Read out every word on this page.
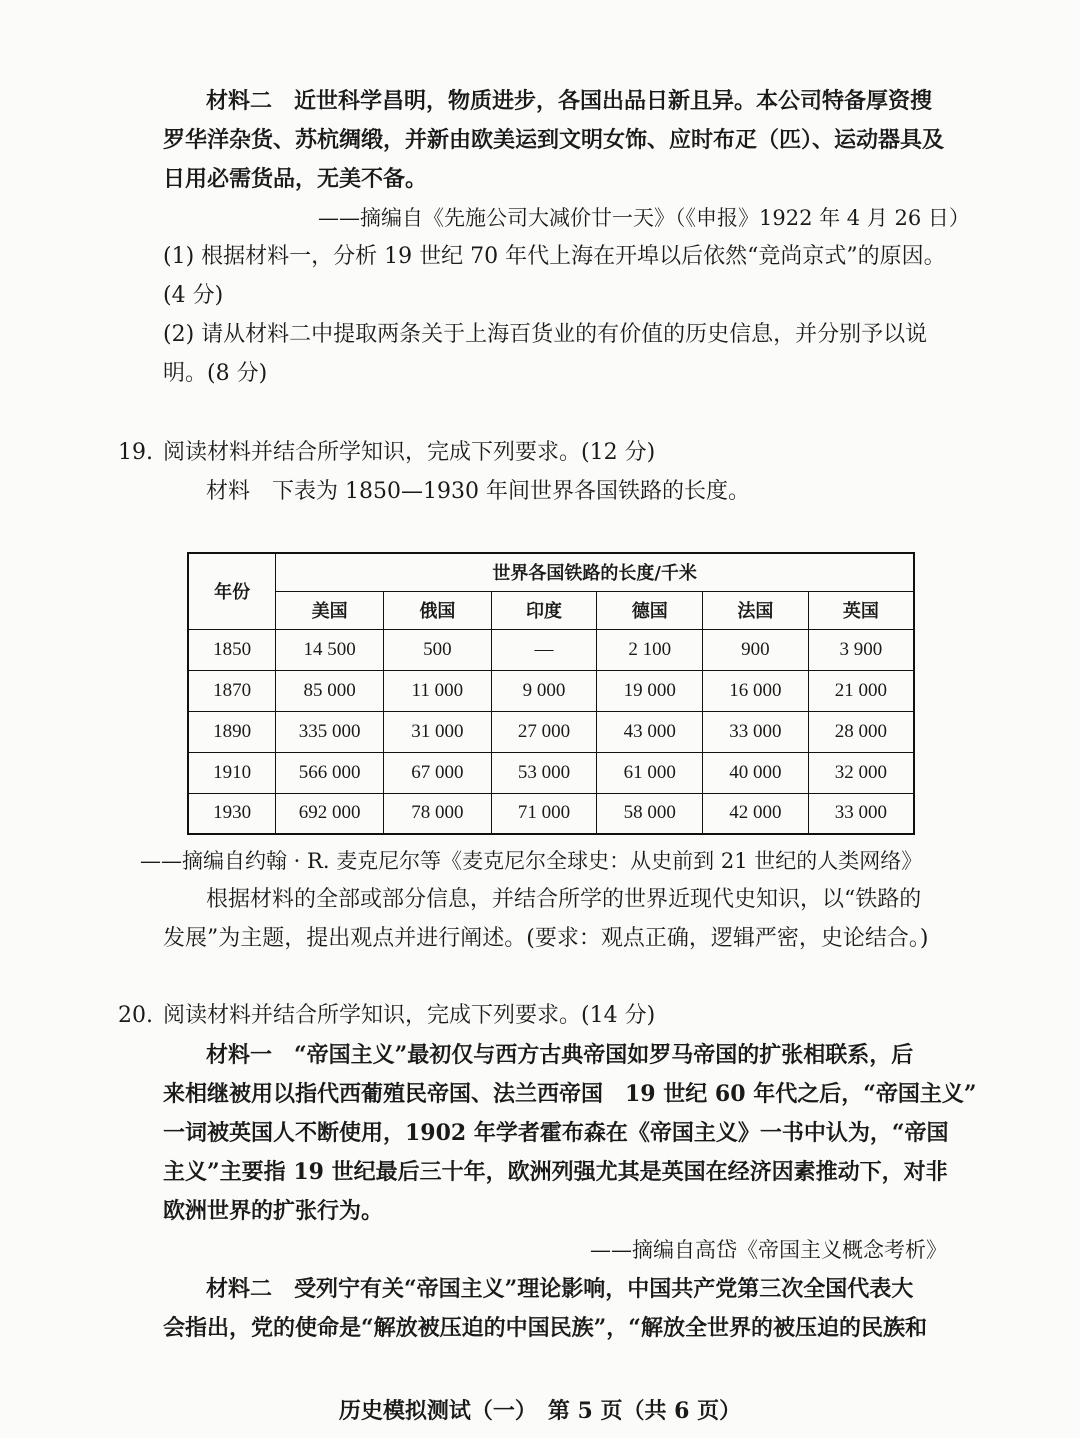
材料二　近世科学昌明，物质进步，各国出品日新且异。本公司特备厚资搜
罗华洋杂货、苏杭绸缎，并新由欧美运到文明女饰、应时布疋（匹）、运动器具及
日用必需货品，无美不备。
——摘编自《先施公司大减价廿一天》（《申报》1922 年 4 月 26 日）
(1) 根据材料一，分析 19 世纪 70 年代上海在开埠以后依然“竞尚京式”的原因。
(4 分)
(2) 请从材料二中提取两条关于上海百货业的有价值的历史信息，并分别予以说
明。(8 分)
19. 阅读材料并结合所学知识，完成下列要求。(12 分)
材料　下表为 1850—1930 年间世界各国铁路的长度。
年份	世界各国铁路的长度/千米					
	美国	俄国	印度	德国	法国	英国
1850	14 500	500	—	2 100	900	3 900
1870	85 000	11 000	9 000	19 000	16 000	21 000
1890	335 000	31 000	27 000	43 000	33 000	28 000
1910	566 000	67 000	53 000	61 000	40 000	32 000
1930	692 000	78 000	71 000	58 000	42 000	33 000
——摘编自约翰 · R. 麦克尼尔等《麦克尼尔全球史：从史前到 21 世纪的人类网络》
根据材料的全部或部分信息，并结合所学的世界近现代史知识，以“铁路的
发展”为主题，提出观点并进行阐述。(要求：观点正确，逻辑严密，史论结合。)
20. 阅读材料并结合所学知识，完成下列要求。(14 分)
材料一　“帝国主义”最初仅与西方古典帝国如罗马帝国的扩张相联系，后
来相继被用以指代西葡殖民帝国、法兰西帝国　19 世纪 60 年代之后，“帝国主义”
一词被英国人不断使用，1902 年学者霍布森在《帝国主义》一书中认为，“帝国
主义”主要指 19 世纪最后三十年，欧洲列强尤其是英国在经济因素推动下，对非
欧洲世界的扩张行为。
——摘编自高岱《帝国主义概念考析》
材料二　受列宁有关“帝国主义”理论影响，中国共产党第三次全国代表大
会指出，党的使命是“解放被压迫的中国民族”，“解放全世界的被压迫的民族和
历史模拟测试（一）　第 5 页（共 6 页）
